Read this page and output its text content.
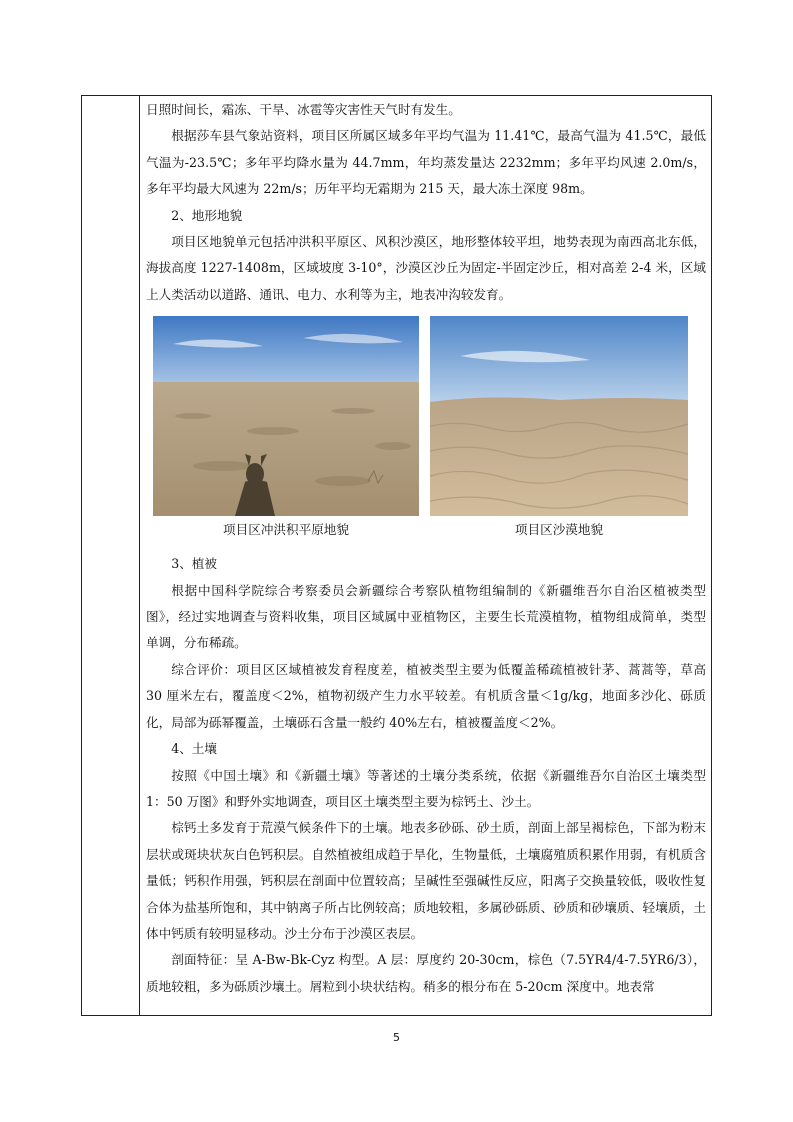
日照时间长，霜冻、干旱、冰雹等灾害性天气时有发生。

根据莎车县气象站资料，项目区所属区域多年平均气温为 11.41℃，最高气温为 41.5℃，最低气温为-23.5℃；多年平均降水量为 44.7mm，年均蒸发量达 2232mm；多年平均风速 2.0m/s，多年平均最大风速为 22m/s；历年平均无霜期为 215 天，最大冻土深度 98m。

2、地形地貌

项目区地貌单元包括冲洪积平原区、风积沙漠区，地形整体较平坦，地势表现为南西高北东低，海拔高度 1227-1408m，区域坡度 3-10°，沙漠区沙丘为固定-半固定沙丘，相对高差 2-4 米，区域上人类活动以道路、通讯、电力、水利等为主，地表冲沟较发育。

项目区冲洪积平原地貌	项目区沙漠地貌

3、植被

根据中国科学院综合考察委员会新疆综合考察队植物组编制的《新疆维吾尔自治区植被类型图》，经过实地调查与资料收集，项目区域属中亚植物区，主要生长荒漠植物，植物组成简单，类型单调，分布稀疏。

综合评价：项目区区域植被发育程度差，植被类型主要为低覆盖稀疏植被针茅、蒿蒿等，草高 30 厘米左右，覆盖度＜2%，植物初级产生力水平较差。有机质含量＜1g/kg，地面多沙化、砾质化，局部为砾幂覆盖，土壤砾石含量一般约 40%左右，植被覆盖度＜2%。

4、土壤

按照《中国土壤》和《新疆土壤》等著述的土壤分类系统，依据《新疆维吾尔自治区土壤类型 1：50 万图》和野外实地调查，项目区土壤类型主要为棕钙土、沙土。

棕钙土多发育于荒漠气候条件下的土壤。地表多砂砾、砂土质，剖面上部呈褐棕色，下部为粉末层状或斑块状灰白色钙积层。自然植被组成趋于旱化，生物量低，土壤腐殖质积累作用弱，有机质含量低；钙积作用强，钙积层在剖面中位置较高；呈碱性至强碱性反应，阳离子交换量较低，吸收性复合体为盐基所饱和，其中钠离子所占比例较高；质地较粗，多属砂砾质、砂质和砂壤质、轻壤质，土体中钙质有较明显移动。沙土分布于沙漠区表层。

剖面特征：呈 A-Bw-Bk-Cyz 构型。A 层：厚度约 20-30cm，棕色（7.5YR4/4-7.5YR6/3），质地较粗，多为砾质沙壤土。屑粒到小块状结构。稍多的根分布在 5-20cm 深度中。地表常

5
